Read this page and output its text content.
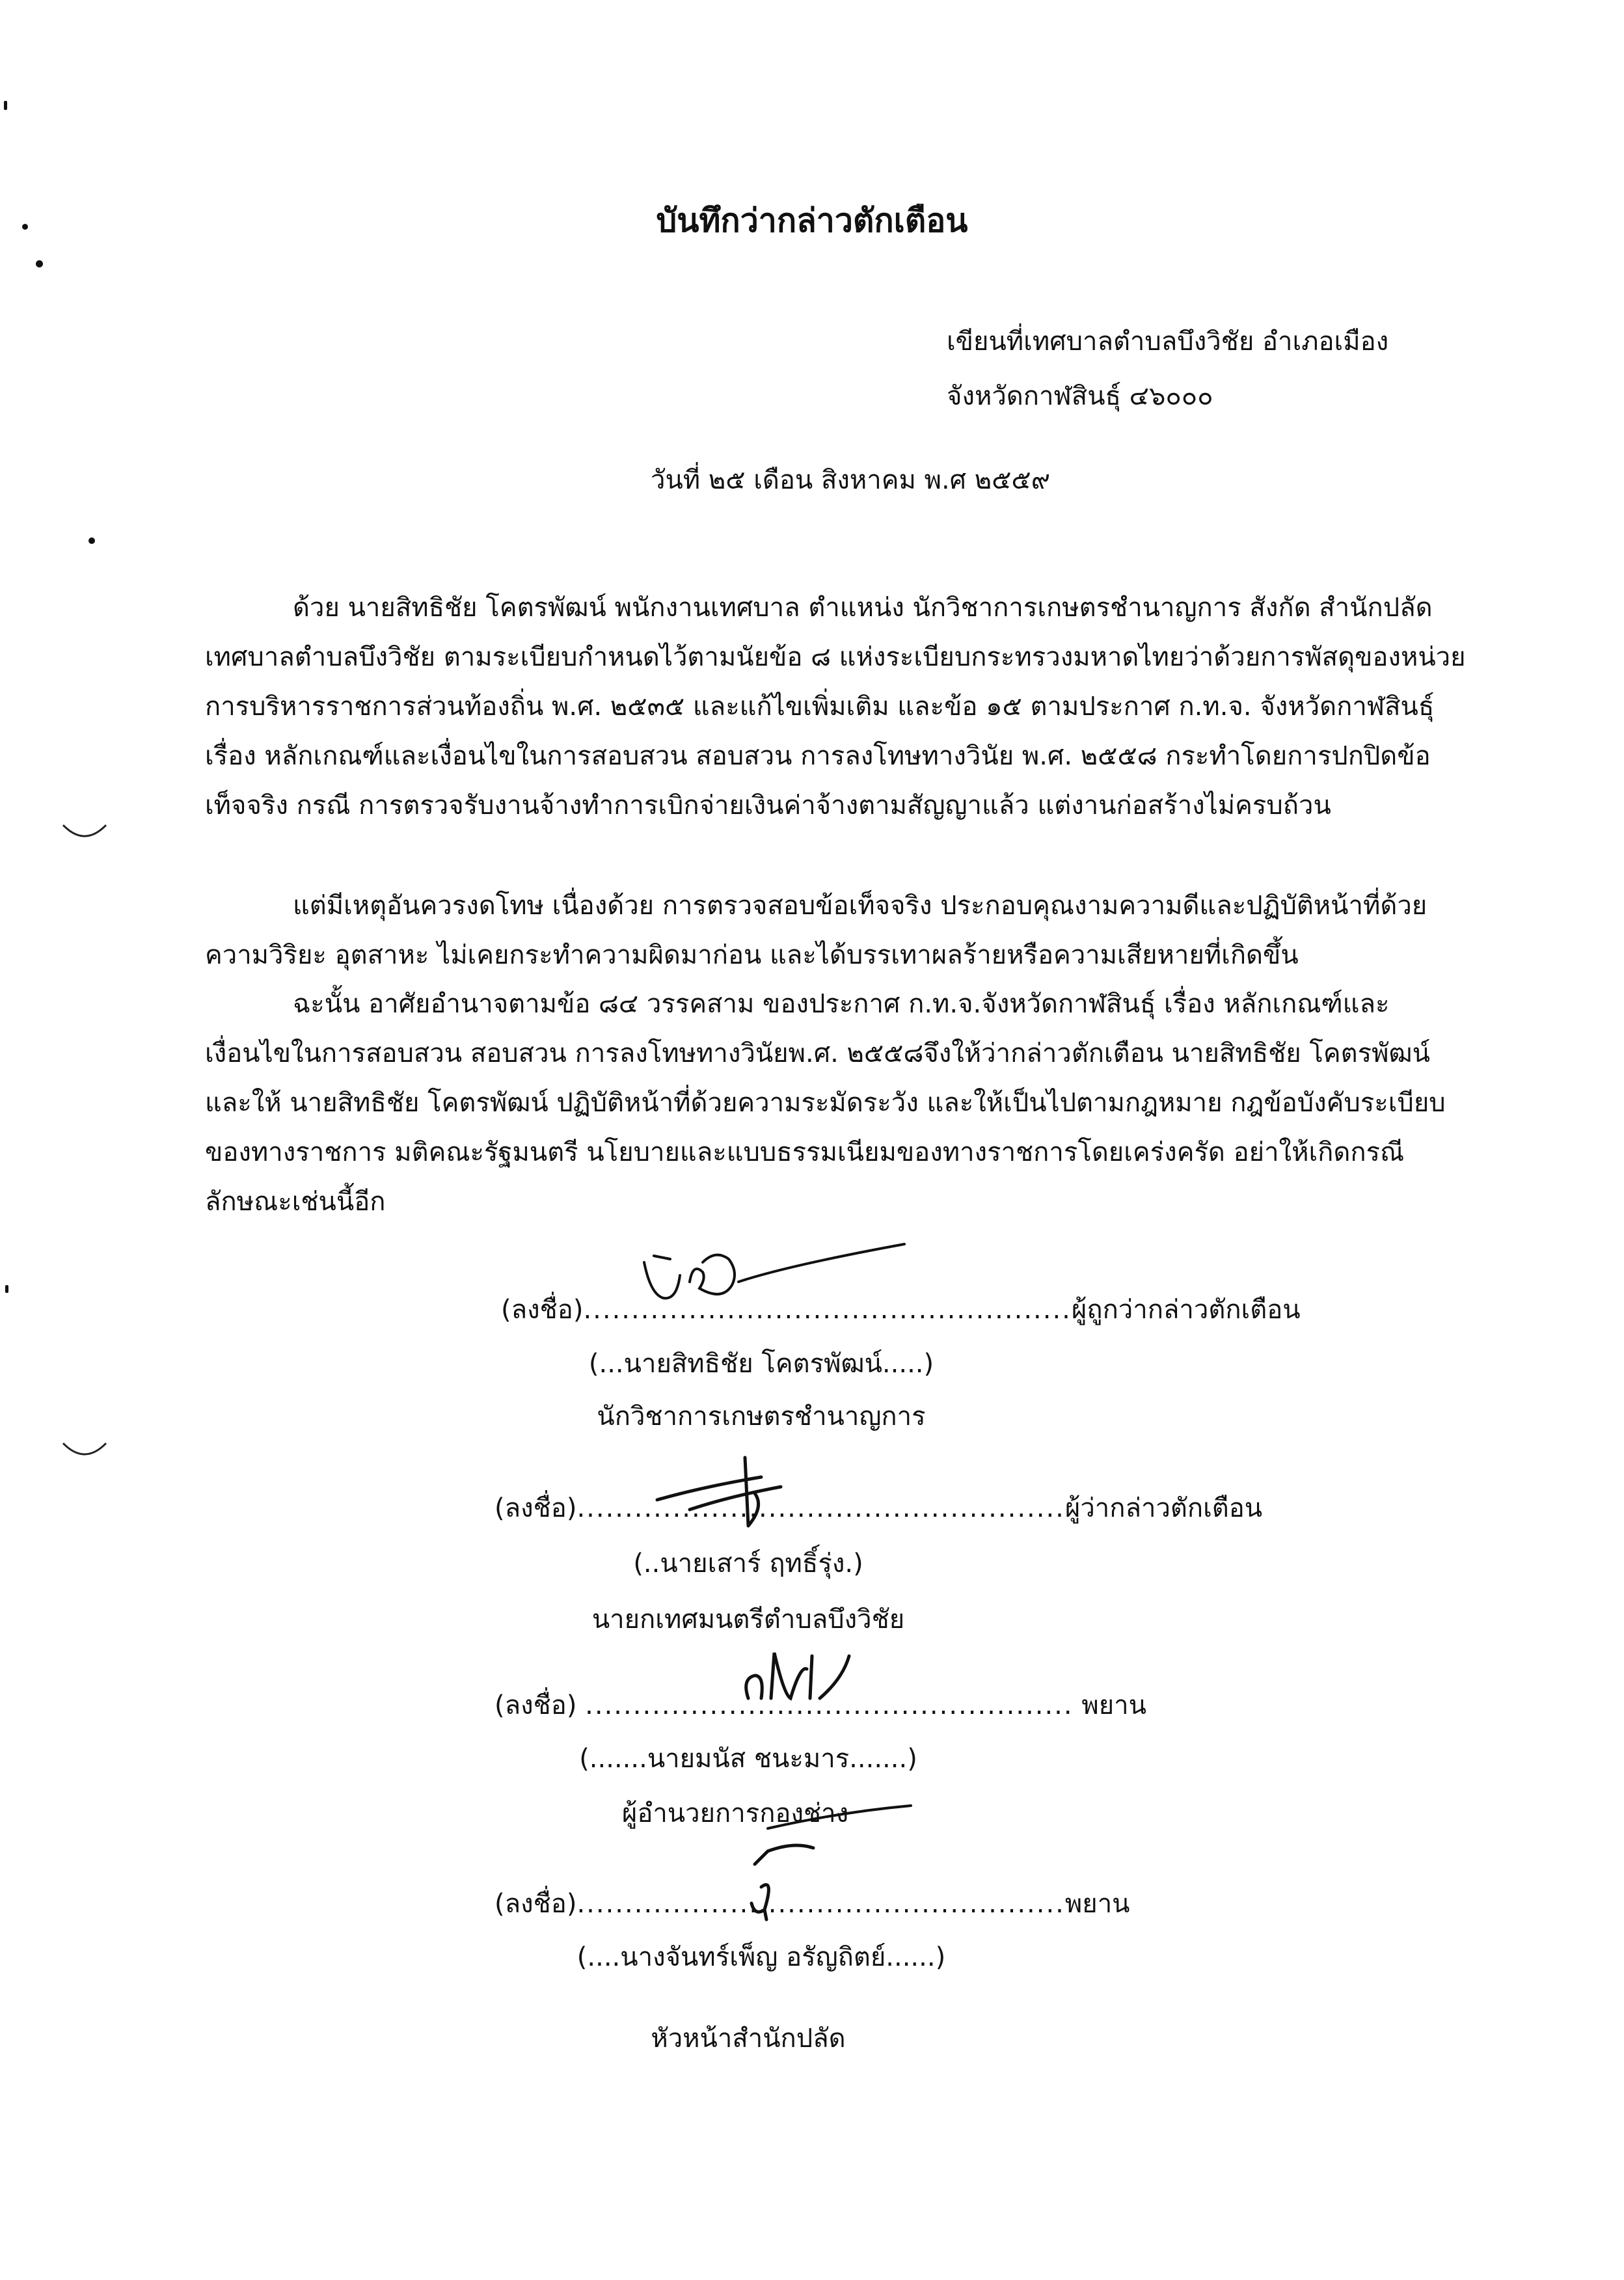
บันทึกว่ากล่าวตักเตือน
เขียนที่เทศบาลตำบลบึงวิชัย อำเภอเมือง
จังหวัดกาฬสินธุ์ ๔๖๐๐๐
วันที่ ๒๕ เดือน สิงหาคม พ.ศ ๒๕๕๙
ด้วย นายสิทธิชัย โคตรพัฒน์ พนักงานเทศบาล ตำแหน่ง นักวิชาการเกษตรชำนาญการ สังกัด สำนักปลัด เทศบาลตำบลบึงวิชัย ตามระเบียบกำหนดไว้ตามนัยข้อ ๘ แห่งระเบียบกระทรวงมหาดไทยว่าด้วยการพัสดุของหน่วยการบริหารราชการส่วนท้องถิ่น พ.ศ. ๒๕๓๕ และแก้ไขเพิ่มเติม และข้อ ๑๕ ตามประกาศ ก.ท.จ. จังหวัดกาฬสินธุ์ เรื่อง หลักเกณฑ์และเงื่อนไขในการสอบสวน สอบสวน การลงโทษทางวินัย พ.ศ. ๒๕๕๘ กระทำโดยการปกปิดข้อเท็จจริง กรณี การตรวจรับงานจ้างทำการเบิกจ่ายเงินค่าจ้างตามสัญญาแล้ว แต่งานก่อสร้างไม่ครบถ้วน
แต่มีเหตุอันควรงดโทษ เนื่องด้วย การตรวจสอบข้อเท็จจริง ประกอบคุณงามความดีและปฏิบัติหน้าที่ด้วยความวิริยะ อุตสาหะ ไม่เคยกระทำความผิดมาก่อน และได้บรรเทาผลร้ายหรือความเสียหายที่เกิดขึ้น
ฉะนั้น อาศัยอำนาจตามข้อ ๘๔ วรรคสาม ของประกาศ ก.ท.จ.จังหวัดกาฬสินธุ์ เรื่อง หลักเกณฑ์และเงื่อนไขในการสอบสวน สอบสวน การลงโทษทางวินัยพ.ศ. ๒๕๕๘จึงให้ว่ากล่าวตักเตือน นายสิทธิชัย โคตรพัฒน์ และให้ นายสิทธิชัย โคตรพัฒน์ ปฏิบัติหน้าที่ด้วยความระมัดระวัง และให้เป็นไปตามกฎหมาย กฎข้อบังคับระเบียบของทางราชการ มติคณะรัฐมนตรี นโยบายและแบบธรรมเนียมของทางราชการโดยเคร่งครัด อย่าให้เกิดกรณีลักษณะเช่นนี้อีก
(ลงชื่อ)...................................................ผู้ถูกว่ากล่าวตักเตือน
(...นายสิทธิชัย โคตรพัฒน์.....)
นักวิชาการเกษตรชำนาญการ
(ลงชื่อ)...................................................ผู้ว่ากล่าวตักเตือน
(..นายเสาร์ ฤทธิ์รุ่ง.)
นายกเทศมนตรีตำบลบึงวิชัย
(ลงชื่อ) ................................................... พยาน
(.......นายมนัส ชนะมาร.......)
ผู้อำนวยการกองช่าง
(ลงชื่อ)...................................................พยาน
(....นางจันทร์เพ็ญ อรัญถิตย์......)
หัวหน้าสำนักปลัด
